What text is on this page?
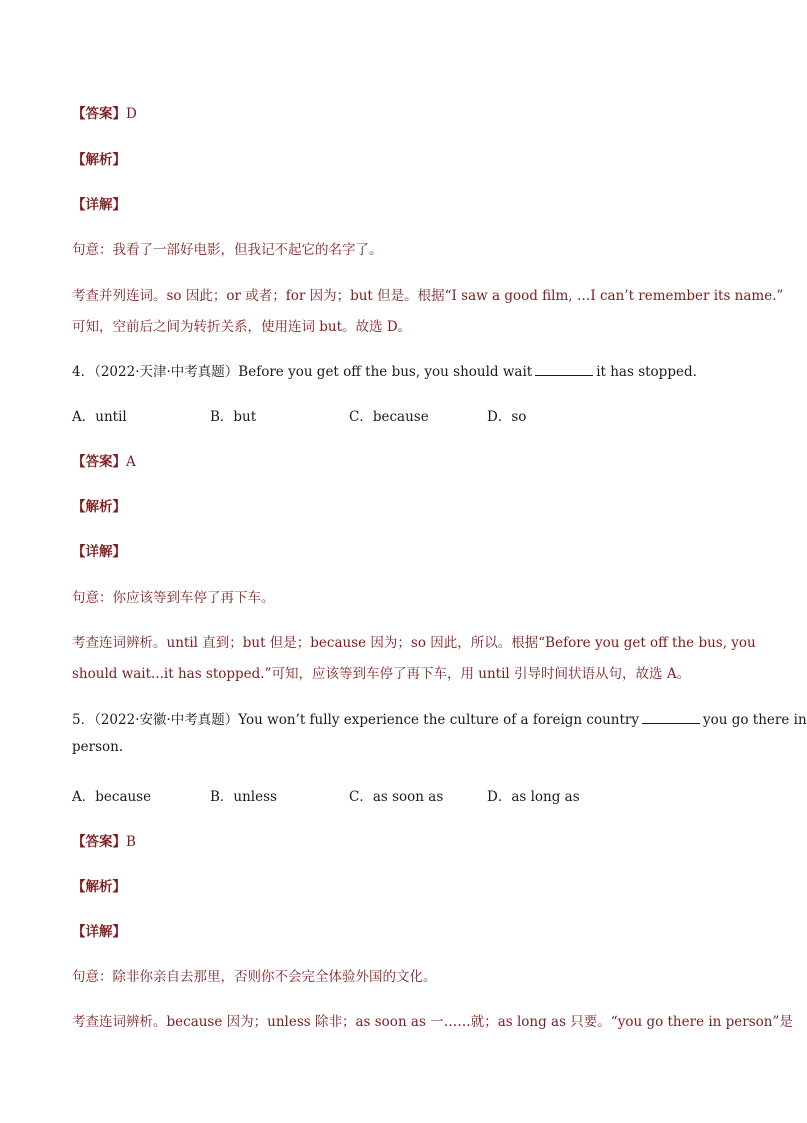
【答案】D
【解析】
【详解】
句意：我看了一部好电影，但我记不起它的名字了。
考查并列连词。so 因此；or 或者；for 因为；but 但是。根据“I saw a good film, …I can’t remember its name.”
可知，空前后之间为转折关系，使用连词 but。故选 D。
4．（2022·天津·中考真题）Before you get off the bus, you should wait	it has stopped.
A．until	B．but	C．because	D．so
【答案】A
【解析】
【详解】
句意：你应该等到车停了再下车。
考查连词辨析。until 直到；but 但是；because 因为；so 因此，所以。根据“Before you get off the bus, you
should wait...it has stopped.”可知，应该等到车停了再下车，用 until 引导时间状语从句，故选 A。
5．（2022·安徽·中考真题）You won’t fully experience the culture of a foreign country	you go there in
person.
A．because	B．unless	C．as soon as	D．as long as
【答案】B
【解析】
【详解】
句意：除非你亲自去那里，否则你不会完全体验外国的文化。
考查连词辨析。because 因为；unless 除非；as soon as 一……就；as long as 只要。“you go there in person”是
